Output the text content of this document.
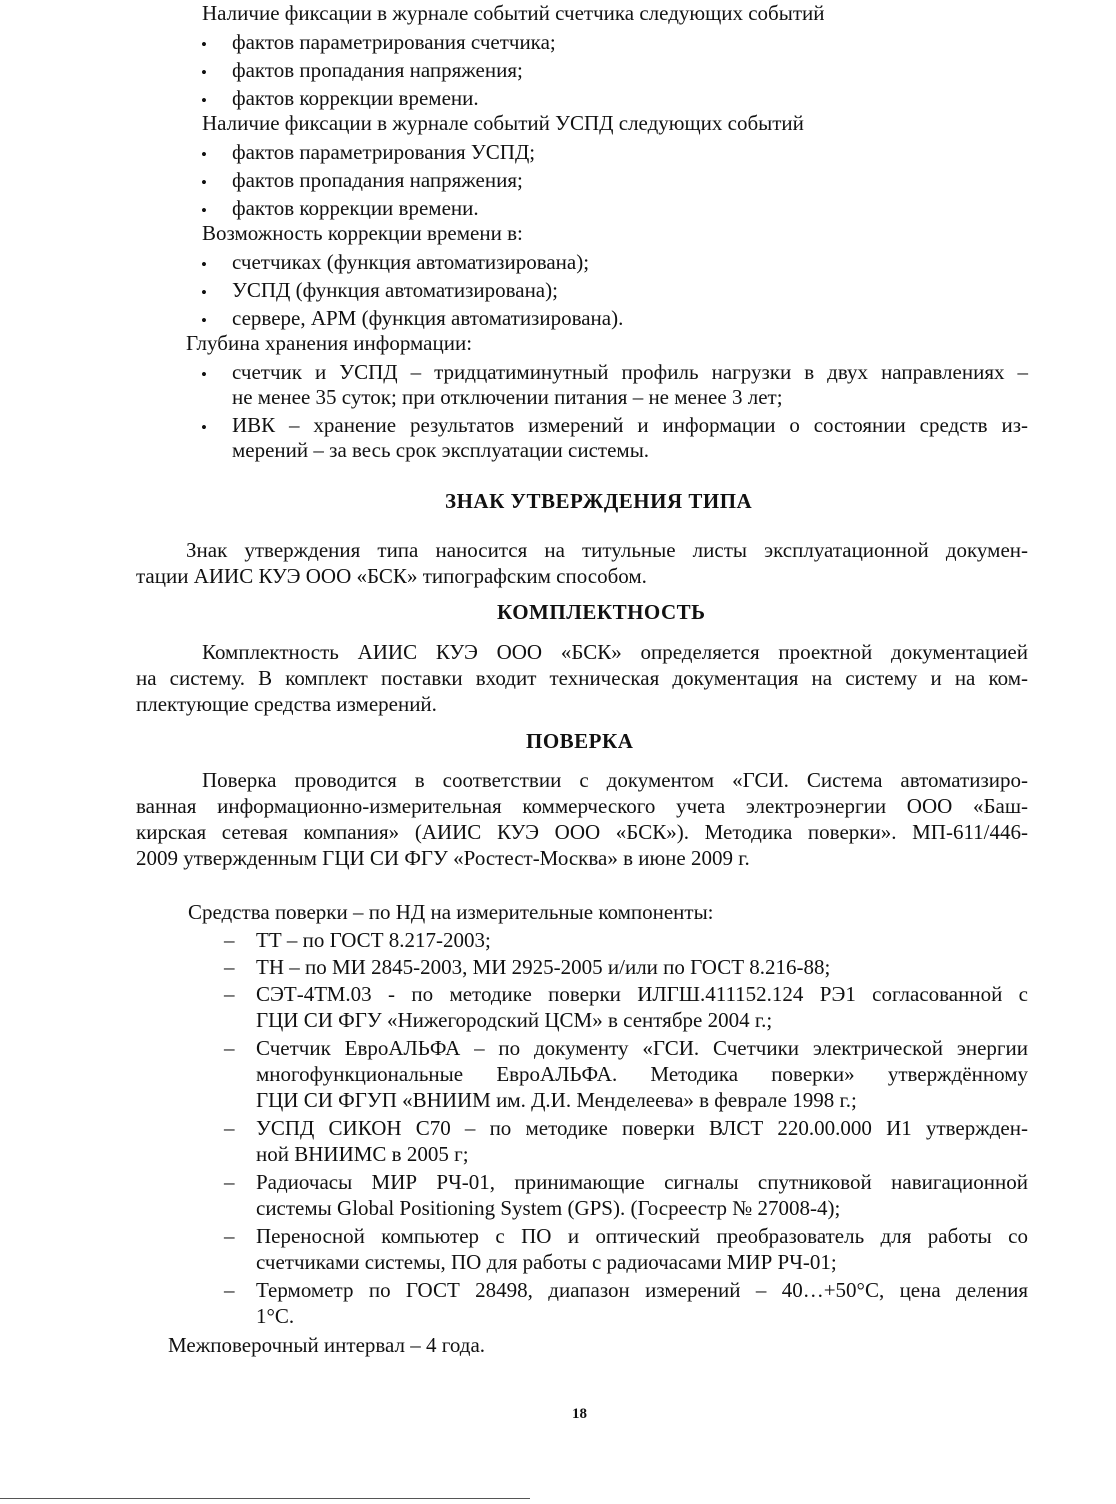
Наличие фиксации в журнале событий счетчика следующих событий
• фактов параметрирования счетчика;
• фактов пропадания напряжения;
• фактов коррекции времени.
Наличие фиксации в журнале событий УСПД следующих событий
• фактов параметрирования УСПД;
• фактов пропадания напряжения;
• фактов коррекции времени.
Возможность коррекции времени в:
• счетчиках (функция автоматизирована);
• УСПД (функция автоматизирована);
• сервере, АРМ (функция автоматизирована).
Глубина хранения информации:
• счетчик и УСПД – тридцатиминутный профиль нагрузки в двух направлениях –
не менее 35 суток; при отключении питания – не менее 3 лет;
• ИВК – хранение результатов измерений и информации о состоянии средств из-
мерений – за весь срок эксплуатации системы.
ЗНАК УТВЕРЖДЕНИЯ ТИПА
Знак утверждения типа наносится на титульные листы эксплуатационной докумен-
тации АИИС КУЭ ООО «БСК» типографским способом.
КОМПЛЕКТНОСТЬ
Комплектность АИИС КУЭ ООО «БСК» определяется проектной документацией
на систему. В комплект поставки входит техническая документация на систему и на ком-
плектующие средства измерений.
ПОВЕРКА
Поверка проводится в соответствии с документом «ГСИ. Система автоматизиро-
ванная информационно-измерительная коммерческого учета электроэнергии ООО «Баш-
кирская сетевая компания» (АИИС КУЭ ООО «БСК»). Методика поверки». МП-611/446-
2009 утвержденным ГЦИ СИ ФГУ «Ростест-Москва» в июне 2009 г.
Средства поверки – по НД на измерительные компоненты:
– ТТ – по ГОСТ 8.217-2003;
– ТН – по МИ 2845-2003, МИ 2925-2005 и/или по ГОСТ 8.216-88;
– СЭТ-4ТМ.03 - по методике поверки ИЛГШ.411152.124 РЭ1 согласованной с
ГЦИ СИ ФГУ «Нижегородский ЦСМ» в сентябре 2004 г.;
– Счетчик ЕвроАЛЬФА – по документу «ГСИ. Счетчики электрической энергии
многофункциональные ЕвроАЛЬФА. Методика поверки» утверждённому
ГЦИ СИ ФГУП «ВНИИМ им. Д.И. Менделеева» в феврале 1998 г.;
– УСПД СИКОН С70 – по методике поверки ВЛСТ 220.00.000 И1 утвержден-
ной ВНИИМС в 2005 г;
– Радиочасы МИР РЧ-01, принимающие сигналы спутниковой навигационной
системы Global Positioning System (GPS). (Госреестр № 27008-4);
– Переносной компьютер с ПО и оптический преобразователь для работы со
счетчиками системы, ПО для работы с радиочасами МИР РЧ-01;
– Термометр по ГОСТ 28498, диапазон измерений – 40…+50°С, цена деления
1°С.
Межповерочный интервал – 4 года.
18
